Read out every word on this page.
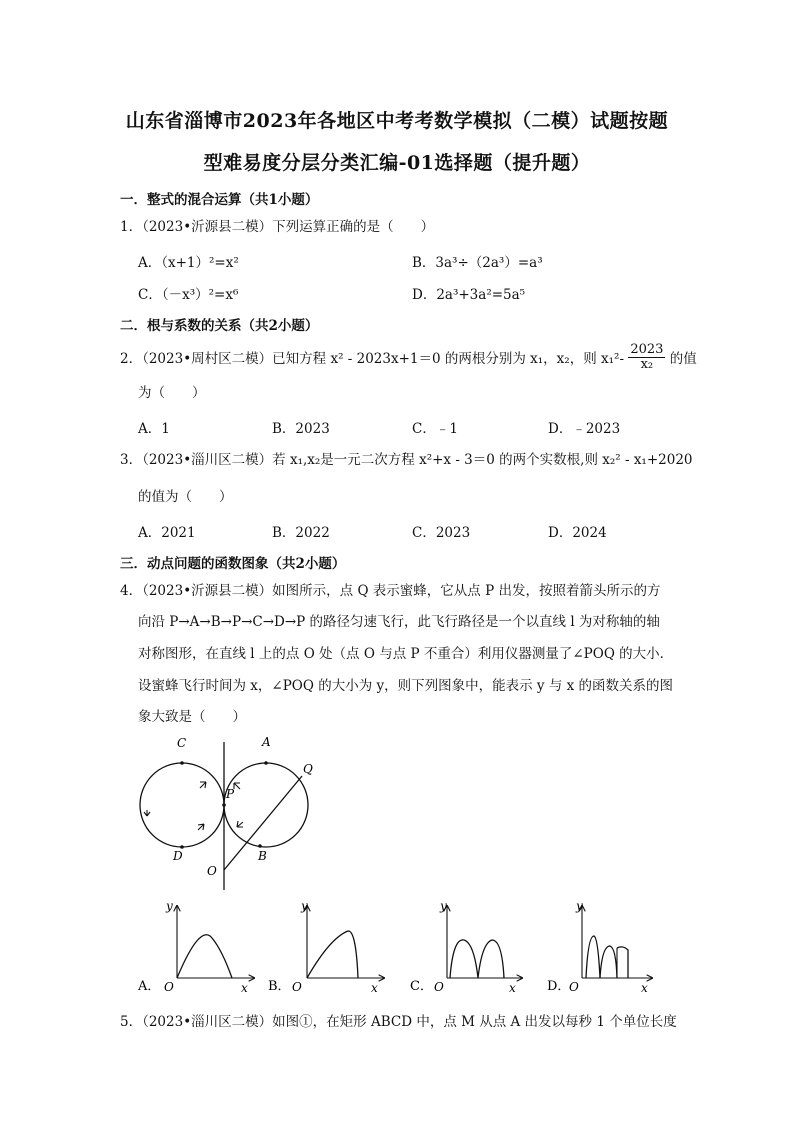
山东省淄博市2023年各地区中考考数学模拟（二模）试题按题
型难易度分层分类汇编-01选择题（提升题）
一．整式的混合运算（共1小题）
1．（2023•沂源县二模）下列运算正确的是（　　）
A．（x+1）²=x²	B．3a³÷（2a³）=a³
C．（－x³）²=x⁶	D．2a³+3a²=5a⁵
二．根与系数的关系（共2小题）
2．（2023•周村区二模）已知方程 x² - 2023x+1＝0 的两根分别为 x₁，x₂，则 $x_1^2- \frac{2023}{\text{x₂}}$ 的值
为（　　）
A．1	B．2023	C．﹣1	D．﹣2023
3．（2023•淄川区二模）若 x₁,x₂是一元二次方程 x²+x - 3＝0 的两个实数根,则 x₂² - x₁+2020
的值为（　　）
A．2021	B．2022	C．2023	D．2024
三．动点问题的函数图象（共2小题）
4．（2023•沂源县二模）如图所示，点 Q 表示蜜蜂，它从点 P 出发，按照着箭头所示的方
向沿 P→A→B→P→C→D→P 的路径匀速飞行，此飞行路径是一个以直线 l 为对称轴的轴
对称图形，在直线 l 上的点 O 处（点 O 与点 P 不重合）利用仪器测量了∠POQ 的大小．
设蜜蜂飞行时间为 x，∠POQ 的大小为 y，则下列图象中，能表示 y 与 x 的函数关系的图
象大致是（　　）
C	A
Q
P
D	B
O
y
x
O
A．
y
x
O
B．
y
x
O
C．
y
x
O
D．
5．（2023•淄川区二模）如图①，在矩形 ABCD 中，点 M 从点 A 出发以每秒 1 个单位长度
